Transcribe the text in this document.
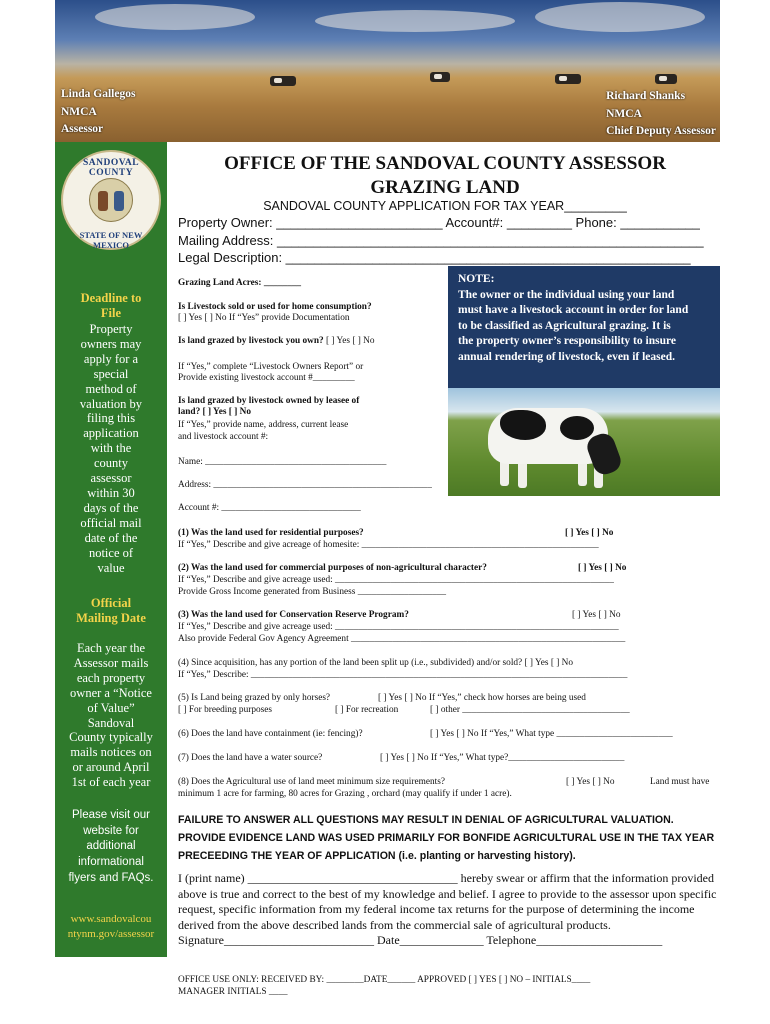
Linda Gallegos
NMCA
Assessor
Richard Shanks
NMCA
Chief Deputy Assessor
SANDOVAL COUNTY
STATE OF NEW MEXICO
Deadline to
File
Property
owners may
apply for a
special
method of
valuation by
filing this
application
with the
county
assessor
within 30
days of the
official mail
date of the
notice of
value
Official
Mailing Date
Each year the
Assessor mails
each property
owner a “Notice
of Value”
Sandoval
County typically
mails notices on
or around April
1st of each year
Please visit our
website for
additional
informational
flyers and FAQs.
www.sandovalcou
ntynm.gov/assessor
OFFICE OF THE SANDOVAL COUNTY ASSESSOR
GRAZING LAND
SANDOVAL COUNTY APPLICATION FOR TAX YEAR_________
Property Owner: _______________________ Account#: _________ Phone: ___________
Mailing Address: ___________________________________________________________
Legal Description: ________________________________________________________
NOTE:
The owner or the individual using your land
must have a livestock account in order for land
to be classified as Agricultural grazing. It is
the property owner’s responsibility to insure
annual rendering of livestock, even if leased.
Grazing Land Acres: ________
Is Livestock sold or used for home consumption?
[ ] Yes [ ] No If “Yes” provide Documentation
Is land grazed by livestock you own? [ ] Yes [ ] No
If “Yes,” complete “Livestock Owners Report” or
Provide existing livestock account #_________
Is land grazed by livestock owned by leasee of
land? [ ] Yes [ ] No
If “Yes,” provide name, address, current lease
and livestock account #:
Name: _______________________________________
Address: _______________________________________________
Account #: ______________________________
(1) Was the land used for residential purposes?	[ ] Yes [ ] No
If “Yes,” Describe and give acreage of homesite: ___________________________________________________
(2) Was the land used for commercial purposes of non-agricultural character?	[ ] Yes [ ] No
If “Yes,” Describe and give acreage used: ____________________________________________________________
Provide Gross Income generated from Business ___________________
(3) Was the land used for Conservation Reserve Program?	[ ] Yes [ ] No
If “Yes,” Describe and give acreage used: _____________________________________________________________
Also provide Federal Gov Agency Agreement ___________________________________________________________
(4) Since acquisition, has any portion of the land been split up (i.e., subdivided) and/or sold? [ ] Yes [ ] No
If “Yes,” Describe: _________________________________________________________________________________
(5) Is Land being grazed by only horses?	[ ] Yes [ ] No If “Yes,” check how horses are being used
[ ] For breeding purposes	[ ] For recreation	[ ] other ____________________________________
(6) Does the land have containment (ie: fencing)?	[ ] Yes [ ] No If “Yes,” What type _________________________
(7) Does the land have a water source?	[ ] Yes [ ] No If “Yes,” What type?_________________________
(8) Does the Agricultural use of land meet minimum size requirements?	[ ] Yes [ ] No	Land must have
minimum 1 acre for farming, 80 acres for Grazing , orchard (may qualify if under 1 acre).
FAILURE TO ANSWER ALL QUESTIONS MAY RESULT IN DENIAL OF AGRICULTURAL VALUATION.
PROVIDE EVIDENCE LAND WAS USED PRIMARILY FOR BONFIDE AGRICULTURAL USE IN THE TAX YEAR
PRECEEDING THE YEAR OF APPLICATION (i.e. planting or harvesting history).
I (print name) ___________________________________ hereby swear or affirm that the information provided above is true and correct to the best of my knowledge and belief. I agree to provide to the assessor upon specific request, specific information from my federal income tax returns for the purpose of determining the income derived from the above described lands from the commercial sale of agricultural products. Signature_________________________ Date______________ Telephone_____________________
OFFICE USE ONLY: RECEIVED BY: ________DATE______ APPROVED [ ] YES [ ] NO – INITIALS____
MANAGER INITIALS ____
